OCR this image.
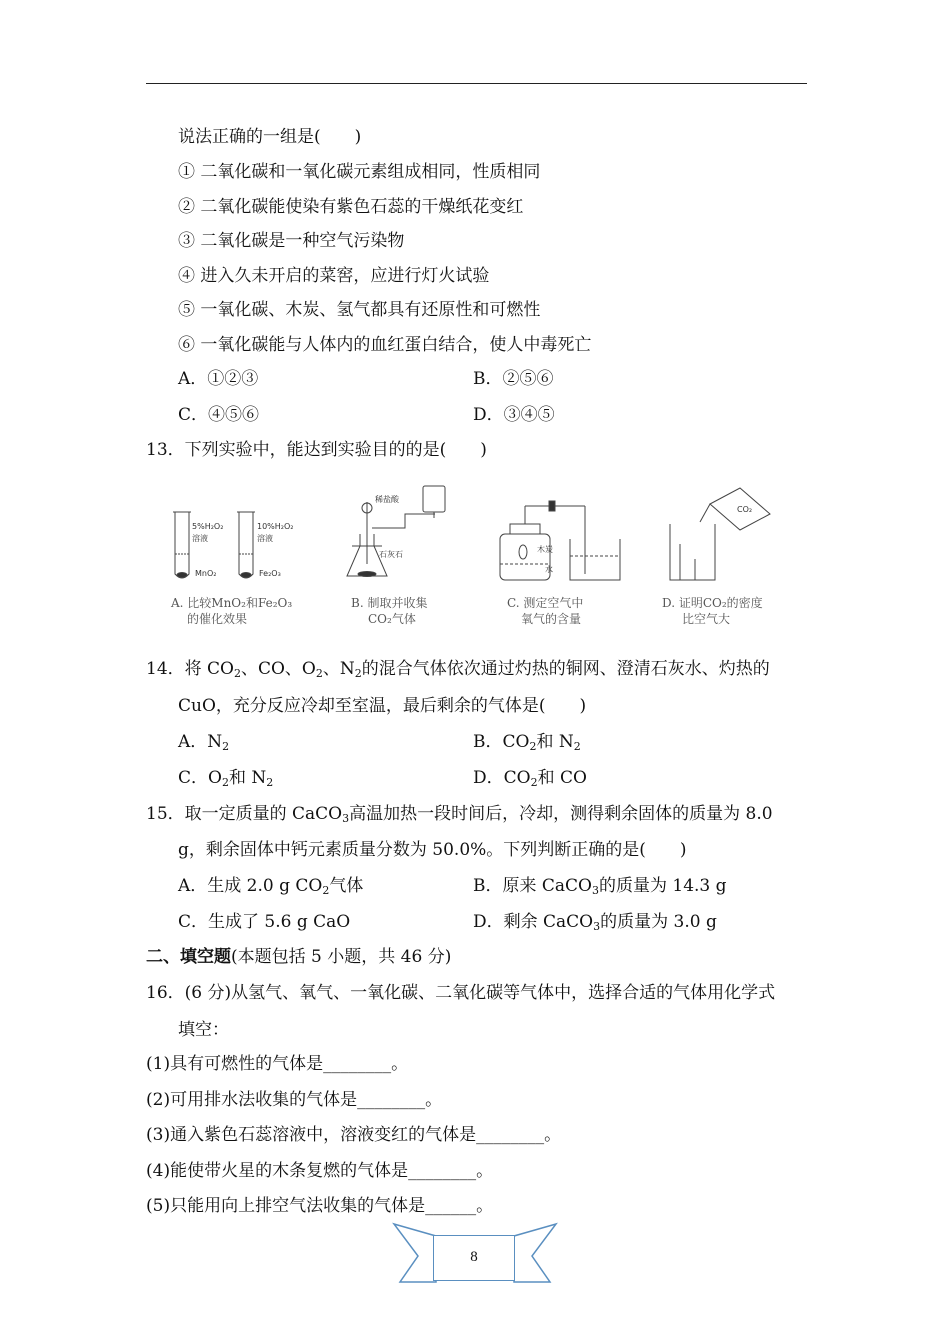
说法正确的一组是(　　)
① 二氧化碳和一氧化碳元素组成相同，性质相同
② 二氧化碳能使染有紫色石蕊的干燥纸花变红
③ 二氧化碳是一种空气污染物
④ 进入久未开启的菜窖，应进行灯火试验
⑤ 一氧化碳、木炭、氢气都具有还原性和可燃性
⑥ 一氧化碳能与人体内的血红蛋白结合，使人中毒死亡
A．①②③	B．②⑤⑥
C．④⑤⑥	D．③④⑤
13．下列实验中，能达到实验目的的是(　　)
5%H₂O₂
溶液
MnO₂
10%H₂O₂
溶液
Fe₂O₃
稀盐酸
石灰石
木炭
水
CO₂
A. 比较MnO₂和Fe₂O₃
的催化效果
B. 制取并收集
CO₂气体
C. 测定空气中
氧气的含量
D. 证明CO₂的密度
比空气大
14．将 $CO_2$、CO、$O_2$、$N_2$的混合气体依次通过灼热的铜网、澄清石灰水、灼热的
CuO，充分反应冷却至室温，最后剩余的气体是(　　)
A．$N_2$	B．$CO_2$和 $N_2$
C．$O_2$和 $N_2$	D．$CO_2$和 CO
15．取一定质量的 CaCO$_3$高温加热一段时间后，冷却，测得剩余固体的质量为 8.0
g，剩余固体中钙元素质量分数为 50.0%。下列判断正确的是(　　)
A．生成 2.0 g $CO_2$气体	B．原来 CaCO$_3$的质量为 14.3 g
C．生成了 5.6 g CaO	D．剩余 CaCO$_3$的质量为 3.0 g
二、填空题(本题包括 5 小题，共 46 分)
16．(6 分)从氢气、氧气、一氧化碳、二氧化碳等气体中，选择合适的气体用化学式
填空：
(1)具有可燃性的气体是________。
(2)可用排水法收集的气体是________。
(3)通入紫色石蕊溶液中，溶液变红的气体是________。
(4)能使带火星的木条复燃的气体是________。
(5)只能用向上排空气法收集的气体是______。
8
